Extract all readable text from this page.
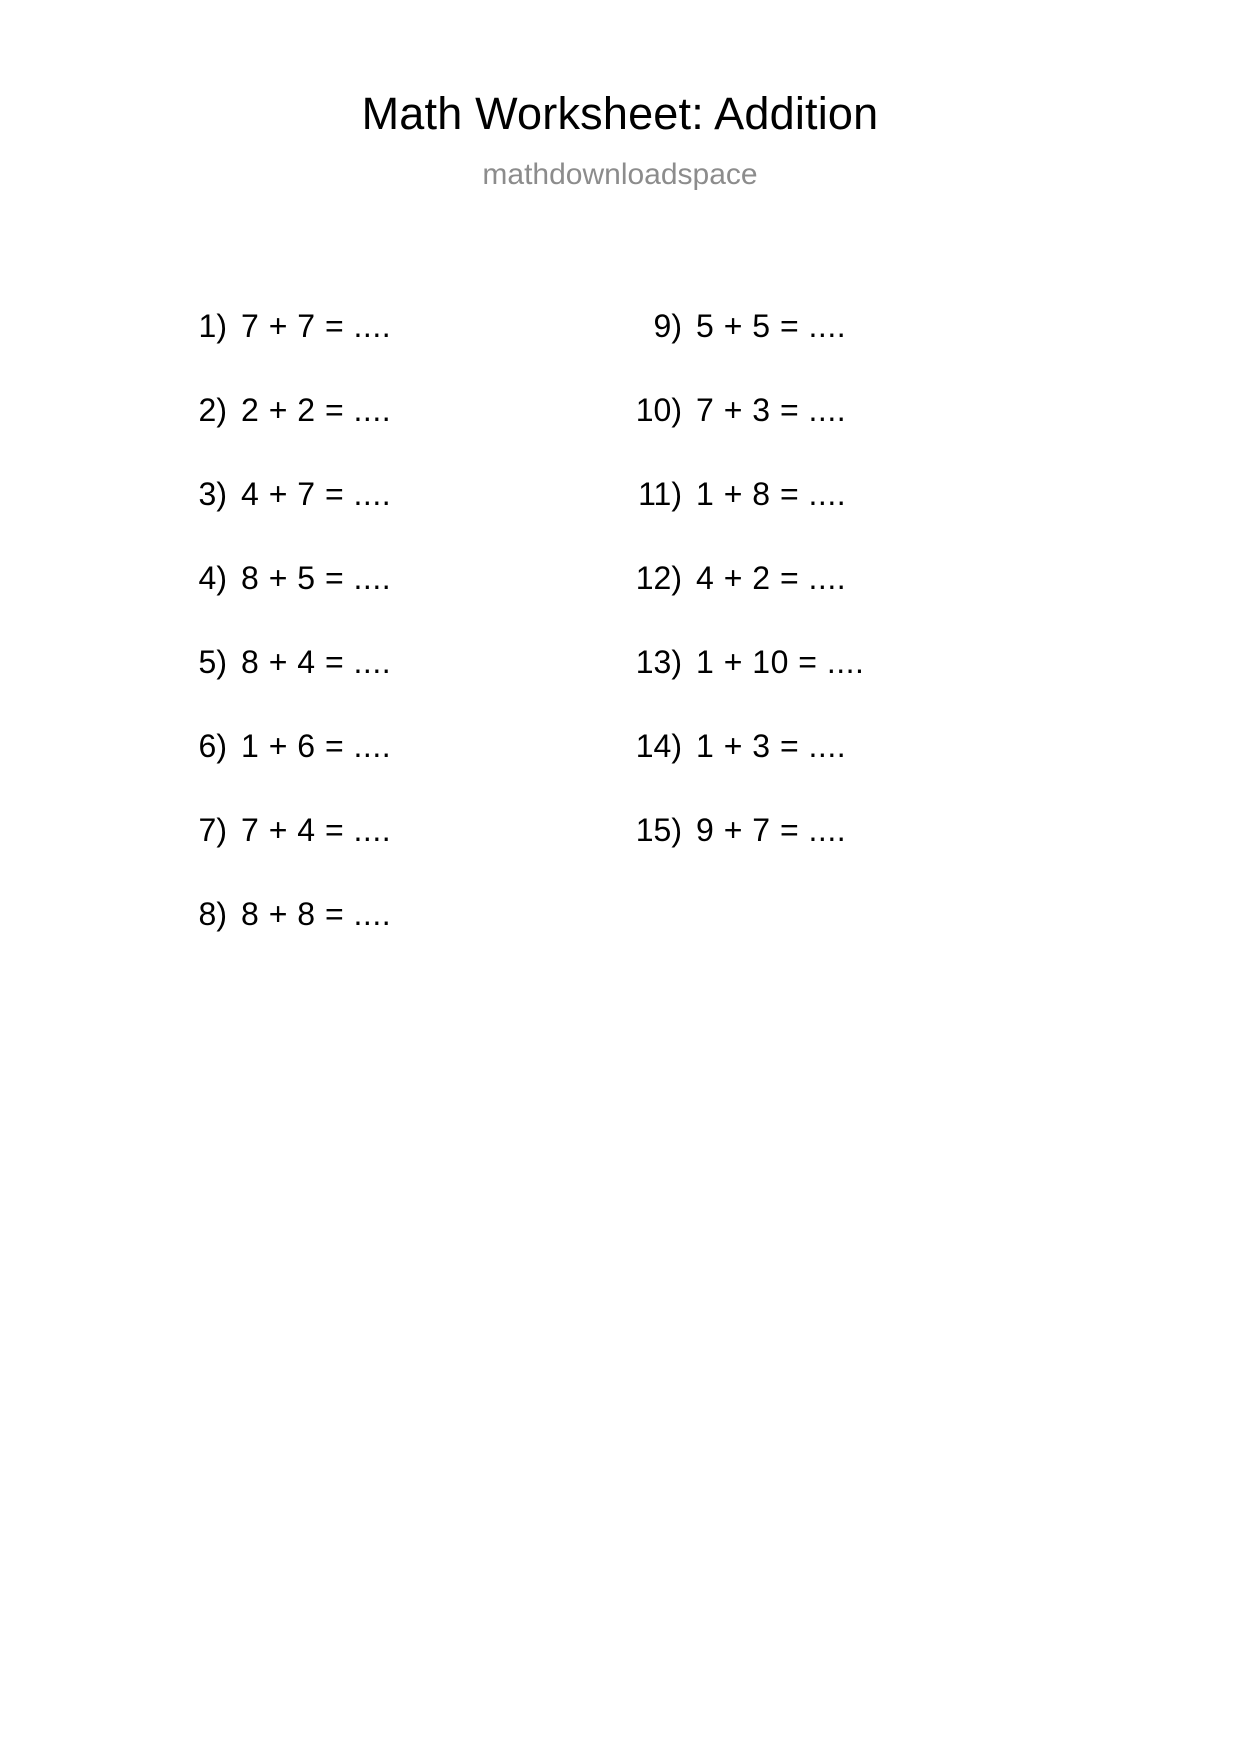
Math Worksheet: Addition
mathdownloadspace
1) 7 + 7 = ....
2) 2 + 2 = ....
3) 4 + 7 = ....
4) 8 + 5 = ....
5) 8 + 4 = ....
6) 1 + 6 = ....
7) 7 + 4 = ....
8) 8 + 8 = ....
9) 5 + 5 = ....
10) 7 + 3 = ....
11) 1 + 8 = ....
12) 4 + 2 = ....
13) 1 + 10 = ....
14) 1 + 3 = ....
15) 9 + 7 = ....
